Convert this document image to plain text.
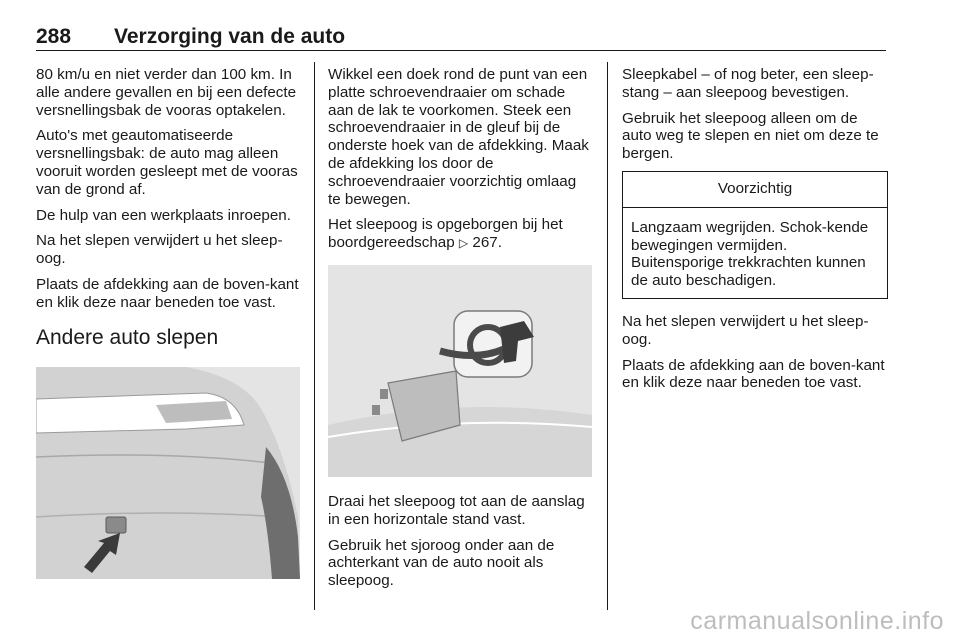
288 Verzorging van de auto

80 km/u en niet verder dan 100 km. In alle andere gevallen en bij een defecte versnellingsbak de vooras optakelen.

Auto's met geautomatiseerde versnellingsbak: de auto mag alleen vooruit worden gesleept met de vooras van de grond af.

De hulp van een werkplaats inroepen.

Na het slepen verwijdert u het sleep-oog.

Plaats de afdekking aan de boven-kant en klik deze naar beneden toe vast.

Andere auto slepen

Wikkel een doek rond de punt van een platte schroevendraaier om schade aan de lak te voorkomen. Steek een schroevendraaier in de gleuf bij de onderste hoek van de afdekking. Maak de afdekking los door de schroevendraaier voorzichtig omlaag te bewegen.

Het sleepoog is opgeborgen bij het boordgereedschap ▷ 267.

Draai het sleepoog tot aan de aanslag in een horizontale stand vast.

Gebruik het sjoroog onder aan de achterkant van de auto nooit als sleepoog.

Sleepkabel – of nog beter, een sleep-stang – aan sleepoog bevestigen.

Gebruik het sleepoog alleen om de auto weg te slepen en niet om deze te bergen.

Voorzichtig
Langzaam wegrijden. Schok-kende bewegingen vermijden. Buitensporige trekkrachten kunnen de auto beschadigen.

Na het slepen verwijdert u het sleep-oog.

Plaats de afdekking aan de boven-kant en klik deze naar beneden toe vast.

carmanualsonline.info
